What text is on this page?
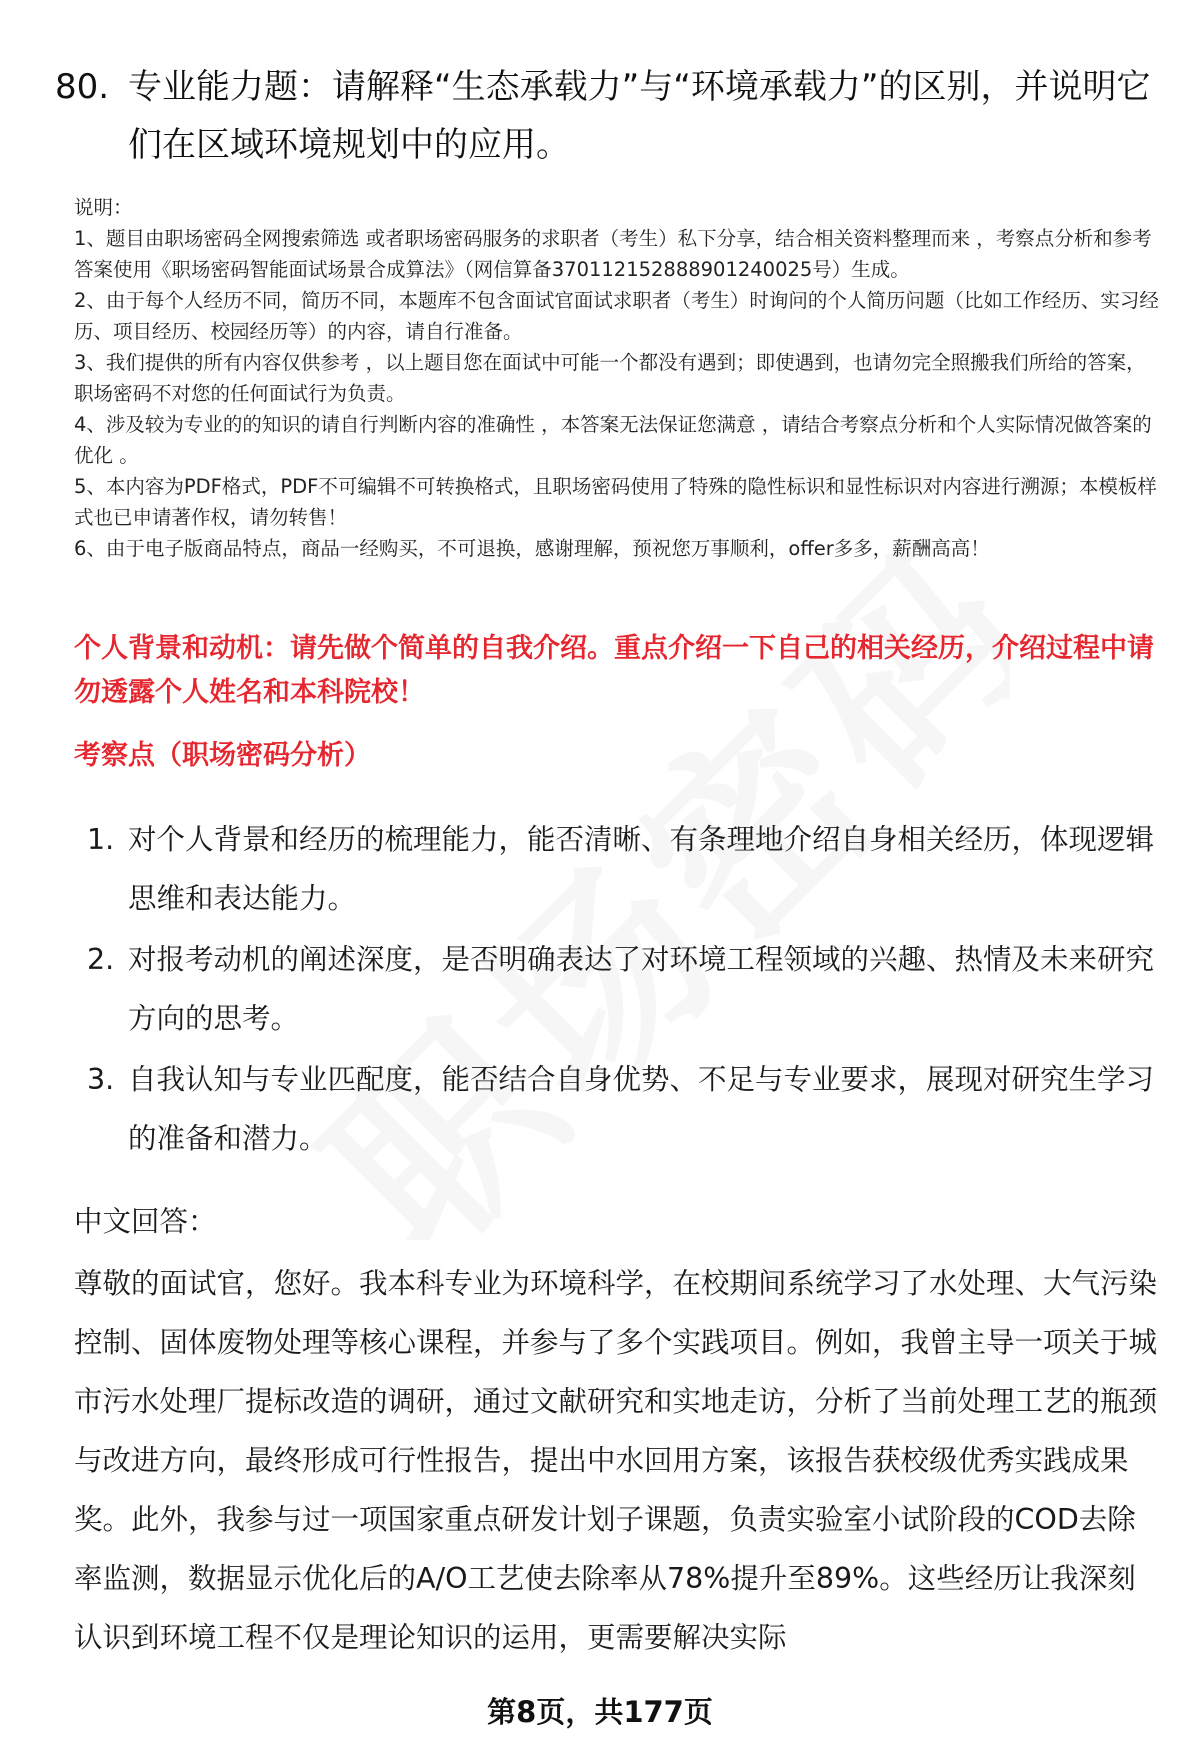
80. 专业能力题：请解释“生态承载力”与“环境承载力”的区别，并说明它们在区域环境规划中的应用。

说明：

1、题目由职场密码全网搜索筛选 或者职场密码服务的求职者（考生）私下分享，结合相关资料整理而来 ，考察点分析和参考答案使用《职场密码智能面试场景合成算法》（网信算备370112152888901240025号）生成。

2、由于每个人经历不同，简历不同，本题库不包含面试官面试求职者（考生）时询问的个人简历问题（比如工作经历、实习经历、项目经历、校园经历等）的内容，请自行准备。

3、我们提供的所有内容仅供参考 ，以上题目您在面试中可能一个都没有遇到；即使遇到，也请勿完全照搬我们所给的答案，职场密码不对您的任何面试行为负责。

4、涉及较为专业的的知识的请自行判断内容的准确性 ，本答案无法保证您满意 ，请结合考察点分析和个人实际情况做答案的优化 。

5、本内容为PDF格式，PDF不可编辑不可转换格式，且职场密码使用了特殊的隐性标识和显性标识对内容进行溯源；本模板样式也已申请著作权，请勿转售！

6、由于电子版商品特点，商品一经购买，不可退换，感谢理解，预祝您万事顺利，offer多多，薪酬高高！

个人背景和动机：请先做个简单的自我介绍。重点介绍一下自己的相关经历，介绍过程中请勿透露个人姓名和本科院校！
考察点（职场密码分析）
1. 对个人背景和经历的梳理能力，能否清晰、有条理地介绍自身相关经历，体现逻辑思维和表达能力。
2. 对报考动机的阐述深度，是否明确表达了对环境工程领域的兴趣、热情及未来研究方向的思考。
3. 自我认知与专业匹配度，能否结合自身优势、不足与专业要求，展现对研究生学习的准备和潜力。
中文回答：

尊敬的面试官，您好。我本科专业为环境科学，在校期间系统学习了水处理、大气污染控制、固体废物处理等核心课程，并参与了多个实践项目。例如，我曾主导一项关于城市污水处理厂提标改造的调研，通过文献研究和实地走访，分析了当前处理工艺的瓶颈与改进方向，最终形成可行性报告，提出中水回用方案，该报告获校级优秀实践成果奖。此外，我参与过一项国家重点研发计划子课题，负责实验室小试阶段的COD去除率监测，数据显示优化后的A/O工艺使去除率从78%提升至89%。这些经历让我深刻认识到环境工程不仅是理论知识的运用，更需要解决实际

第8页，共177页
